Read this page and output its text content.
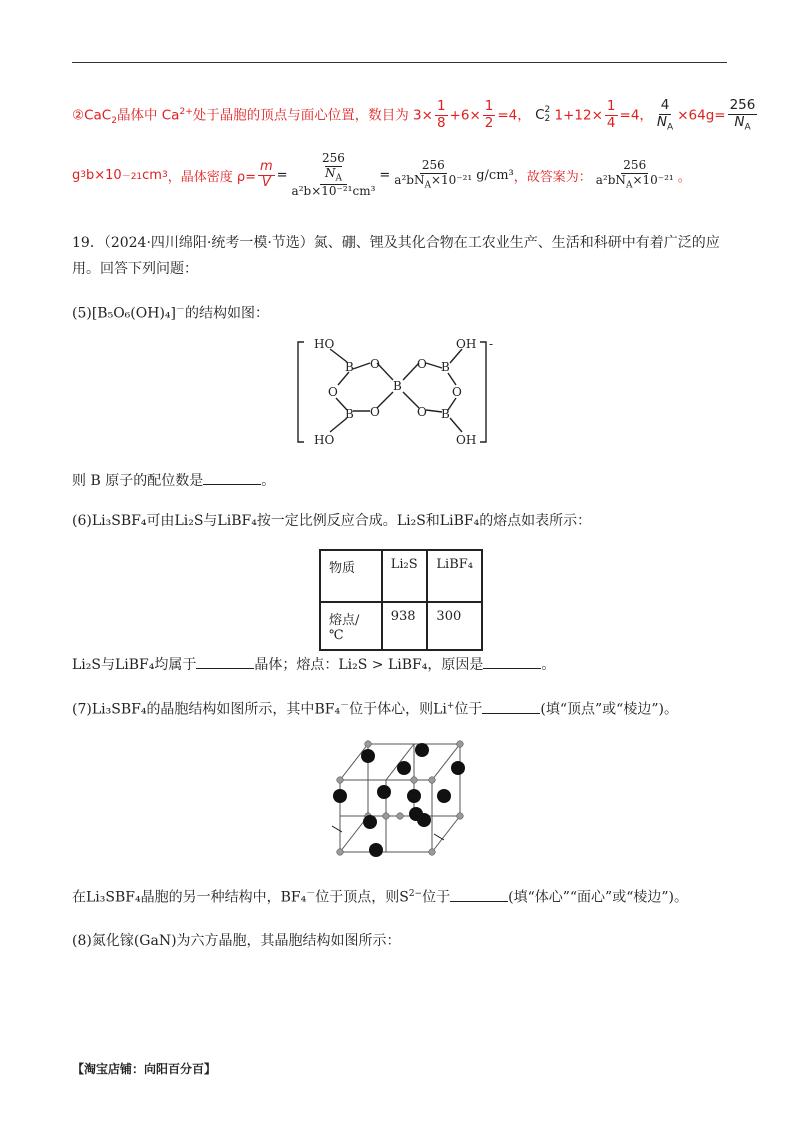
②CaC$_2$晶体中 $Ca^{2+}$处于晶胞的顶点与面心位置，数目为 $3\times \frac{1}{8} +6\times \frac{1}{2} =4$， C 2
2 $1+12\times \frac{1}{4} =4$， $\frac{4}{N_A} \times 64g= \frac{256}{N_A}$
g 3 b×10 －21 cm 3 ，晶体密度 $\rho= \frac{m}{V} = 256$
$N_A$
$a^2b\times 10^{-21}cm^3 = \frac{256}{a^2bN_A\times 10^{-21}} g/cm^3$ ，故答案为： $\frac{256}{a^2bN_A\times 10^{-21}}$ 。
19．（2024·四川绵阳·统考一模·节选）氮、硼、锂及其化合物在工农业生产、生活和科研中有着广泛的应
用。回答下列问题：
(5)[B₅O₆(OH)₄]－的结构如图：
HO	OH
HO	OH
B O
O
O
B
B
O B
O
O B
-
则 B 原子的配位数是	。
(6)Li₃SBF₄可由Li₂S与LiBF₄按一定比例反应合成。Li₂S和LiBF₄的熔点如表所示：
物质	Li₂S	LiBF₄
熔点/℃	938	300
Li₂S与LiBF₄均属于	晶体；熔点：Li₂S > LiBF₄，原因是	。
(7)Li₃SBF₄的晶胞结构如图所示，其中BF₄－位于体心，则Li+位于	(填“顶点”或“棱边”)。
在Li₃SBF₄晶胞的另一种结构中，BF₄－位于顶点，则$S^{2-}$位于	(填“体心”“面心”或“棱边”)。
(8)氮化镓(GaN)为六方晶胞，其晶胞结构如图所示：
【淘宝店铺：向阳百分百】
